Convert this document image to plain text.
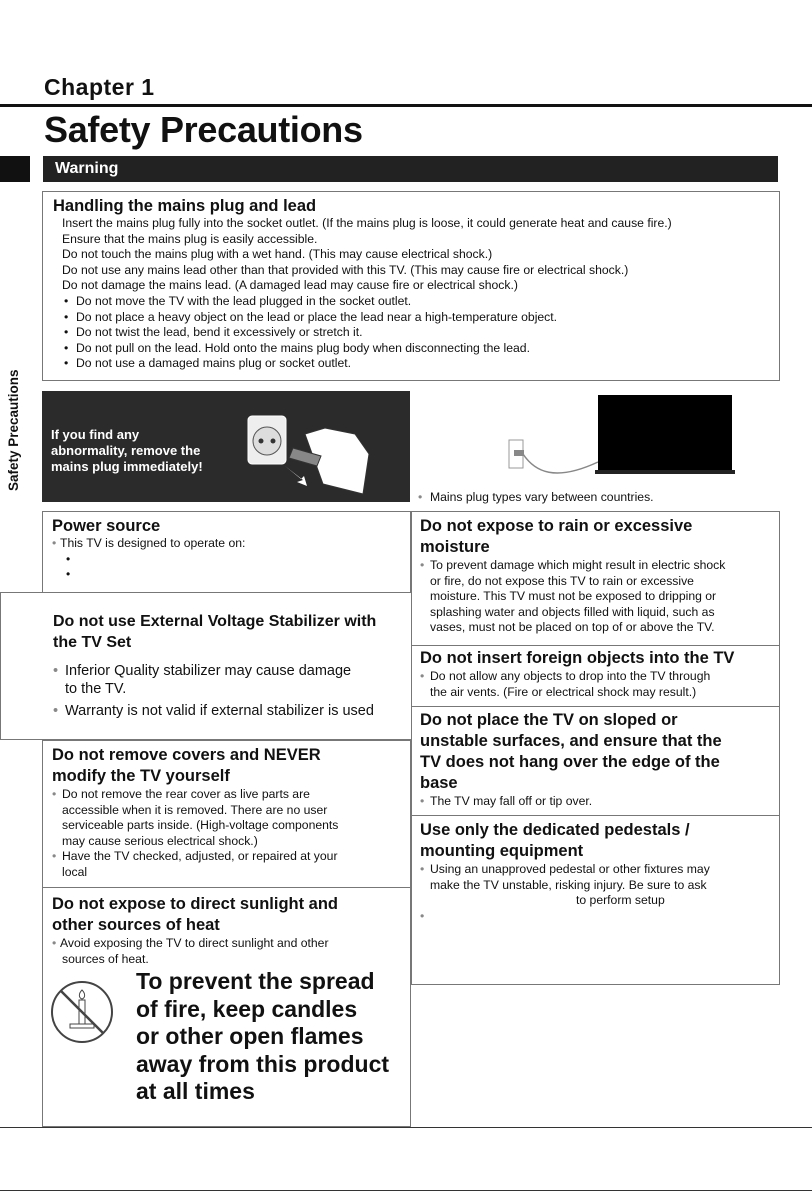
Chapter 1
Safety Precautions
Safety Precautions
Warning
Handling the mains plug and lead
Insert the mains plug fully into the socket outlet. (If the mains plug is loose, it could generate heat and cause fire.)
Ensure that the mains plug is easily accessible.
Do not touch the mains plug with a wet hand. (This may cause electrical shock.)
Do not use any mains lead other than that provided with this TV. (This may cause fire or electrical shock.)
Do not damage the mains lead. (A damaged lead may cause fire or electrical shock.)
• Do not move the TV with the lead plugged in the socket outlet.
• Do not place a heavy object on the lead or place the lead near a high-temperature object.
• Do not twist the lead, bend it excessively or stretch it.
• Do not pull on the lead. Hold onto the mains plug body when disconnecting the lead.
• Do not use a damaged mains plug or socket outlet.
If you find any
abnormality, remove the
mains plug immediately!
• Mains plug types vary between countries.
Power source
• This TV is designed to operate on:
•
•
Do not use External Voltage Stabilizer with
the TV Set
• Inferior Quality stabilizer may cause damage
to the TV.
• Warranty is not valid if external stabilizer is used
Do not remove covers and NEVER
modify the TV yourself
• Do not remove the rear cover as live parts are
accessible when it is removed. There are no user
serviceable parts inside. (High-voltage components
may cause serious electrical shock.)
• Have the TV checked, adjusted, or repaired at your
local
Do not expose to direct sunlight and
other sources of heat
• Avoid exposing the TV to direct sunlight and other
sources of heat.
To prevent the spread
of fire, keep candles
or other open flames
away from this product
at all times
Do not expose to rain or excessive
moisture
• To prevent damage which might result in electric shock
or fire, do not expose this TV to rain or excessive
moisture. This TV must not be exposed to dripping or
splashing water and objects filled with liquid, such as
vases, must not be placed on top of or above the TV.
Do not insert foreign objects into the TV
• Do not allow any objects to drop into the TV through
the air vents. (Fire or electrical shock may result.)
Do not place the TV on sloped or
unstable surfaces, and ensure that the
TV does not hang over the edge of the
base
• The TV may fall off or tip over.
Use only the dedicated pedestals /
mounting equipment
• Using an unapproved pedestal or other fixtures may
make the TV unstable, risking injury. Be sure to ask
to perform setup
•
